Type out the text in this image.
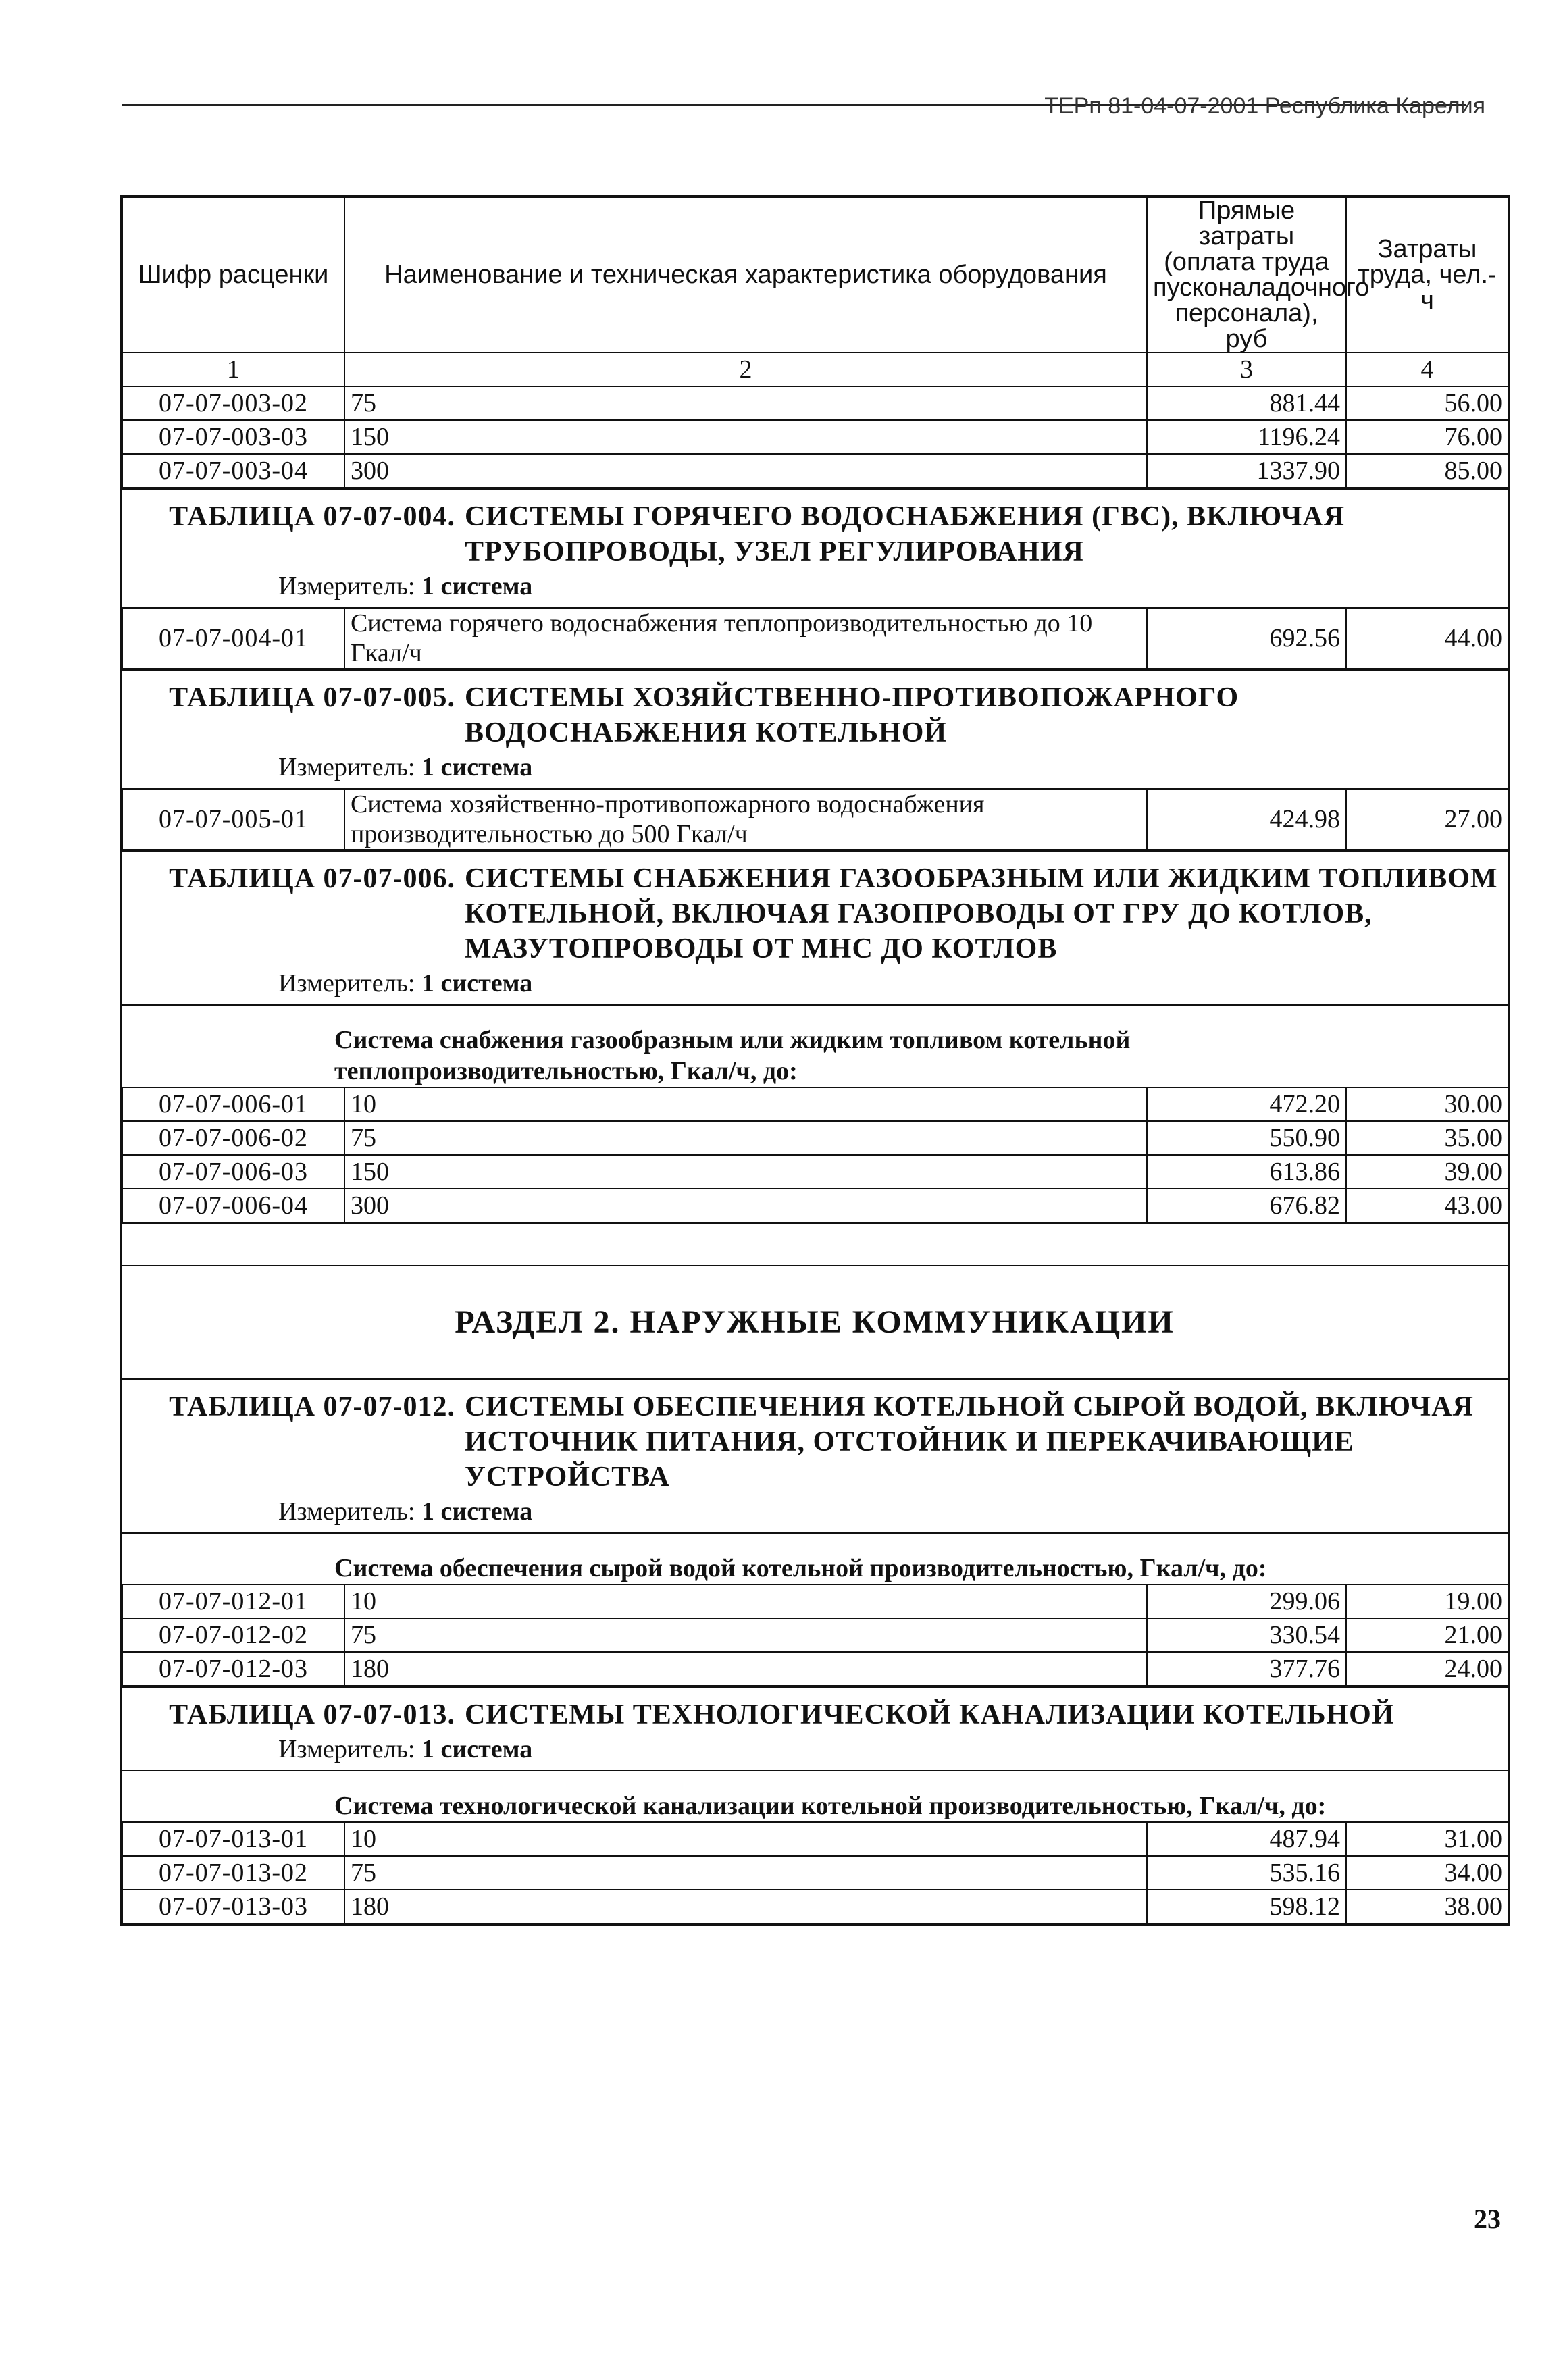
ТЕРп 81-04-07-2001 Республика Карелия
Шифр расценки	Наименование и техническая характеристика оборудования	Прямые затраты (оплата труда пусконаладочного персонала), руб	Затраты труда, чел.-ч
1	2	3	4
07-07-003-02	75	881.44	56.00
07-07-003-03	150	1196.24	76.00
07-07-003-04	300	1337.90	85.00
ТАБЛИЦА 07-07-004. СИСТЕМЫ ГОРЯЧЕГО ВОДОСНАБЖЕНИЯ (ГВС), ВКЛЮЧАЯ ТРУБОПРОВОДЫ, УЗЕЛ РЕГУЛИРОВАНИЯ
Измеритель: 1 система
07-07-004-01	Система горячего водоснабжения теплопроизводительностью до 10 Гкал/ч	692.56	44.00
ТАБЛИЦА 07-07-005. СИСТЕМЫ ХОЗЯЙСТВЕННО-ПРОТИВОПОЖАРНОГО ВОДОСНАБЖЕНИЯ КОТЕЛЬНОЙ
Измеритель: 1 система
07-07-005-01	Система хозяйственно-противопожарного водоснабжения производительностью до 500 Гкал/ч	424.98	27.00
ТАБЛИЦА 07-07-006. СИСТЕМЫ СНАБЖЕНИЯ ГАЗООБРАЗНЫМ ИЛИ ЖИДКИМ ТОПЛИВОМ КОТЕЛЬНОЙ, ВКЛЮЧАЯ ГАЗОПРОВОДЫ ОТ ГРУ ДО КОТЛОВ, МАЗУТОПРОВОДЫ ОТ МНС ДО КОТЛОВ
Измеритель: 1 система
Система снабжения газообразным или жидким топливом котельной
теплопроизводительностью, Гкал/ч, до:
07-07-006-01	10	472.20	30.00
07-07-006-02	75	550.90	35.00
07-07-006-03	150	613.86	39.00
07-07-006-04	300	676.82	43.00
РАЗДЕЛ 2. НАРУЖНЫЕ КОММУНИКАЦИИ
ТАБЛИЦА 07-07-012. СИСТЕМЫ ОБЕСПЕЧЕНИЯ КОТЕЛЬНОЙ СЫРОЙ ВОДОЙ, ВКЛЮЧАЯ ИСТОЧНИК ПИТАНИЯ, ОТСТОЙНИК И ПЕРЕКАЧИВАЮЩИЕ УСТРОЙСТВА
Измеритель: 1 система
Система обеспечения сырой водой котельной производительностью, Гкал/ч, до:
07-07-012-01	10	299.06	19.00
07-07-012-02	75	330.54	21.00
07-07-012-03	180	377.76	24.00
ТАБЛИЦА 07-07-013. СИСТЕМЫ ТЕХНОЛОГИЧЕСКОЙ КАНАЛИЗАЦИИ КОТЕЛЬНОЙ
Измеритель: 1 система
Система технологической канализации котельной производительностью, Гкал/ч, до:
07-07-013-01	10	487.94	31.00
07-07-013-02	75	535.16	34.00
07-07-013-03	180	598.12	38.00
23
